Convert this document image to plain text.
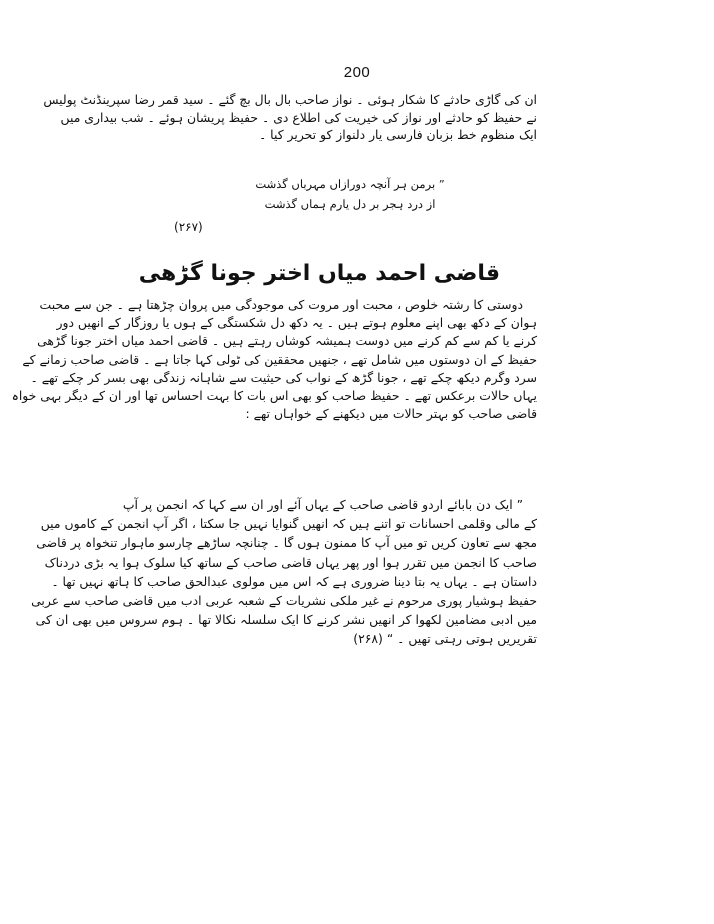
200
ان کی گاڑی حادثے کا شکار ہوئی ۔ نواز صاحب بال بال بچ گئے ۔ سید قمر رضا سپرینڈنٹ پولیس
نے حفیظ کو حادثے اور نواز کی خیریت کی اطلاع دی ۔ حفیظ پریشان ہوئے ۔ شب بیداری میں
ایک منظوم خط بزبان فارسی یار دلنواز کو تحریر کیا ۔
” برمن ہر آنچہ دورازاں مہرباں گذشت
از درد ہجر بر دل یارم ہماں گذشت
(۲۶۷)
قاضی احمد میاں اختر جونا گڑھی
دوستی کا رشتہ خلوص ، محبت اور مروت کی موجودگی میں پروان چڑھتا ہے ۔ جن سے محبت
ہوان کے دکھ بھی اپنے معلوم ہوتے ہیں ۔ یہ دکھ دل شکستگی کے ہوں یا روزگار کے انھیں دور
کرنے یا کم سے کم کرنے میں دوست ہمیشہ کوشاں رہتے ہیں ۔ قاضی احمد میاں اختر جونا گڑھی
حفیظ کے ان دوستوں میں شامل تھے ، جنھیں محققین کی ٹولی کہا جاتا ہے ۔ قاضی صاحب زمانے کے
سرد وگرم دیکھ چکے تھے ، جونا گڑھ کے نواب کی حیثیت سے شاہانہ زندگی بھی بسر کر چکے تھے ۔
یہاں حالات برعکس تھے ۔ حفیظ صاحب کو بھی اس بات کا بہت احساس تھا اور ان کے دیگر بہی خواہ
قاضی صاحب کو بہتر حالات میں دیکھنے کے خواہاں تھے :
” ایک دن بابائے اردو قاضی صاحب کے یہاں آئے اور ان سے کہا کہ انجمن پر آپ
کے مالی وقلمی احسانات تو اتنے ہیں کہ انھیں گنوایا نہیں جا سکتا ، اگر آپ انجمن کے کاموں میں
مجھ سے تعاون کریں تو میں آپ کا ممنون ہوں گا ۔ چنانچہ ساڑھے چارسو ماہوار تنخواہ پر قاضی
صاحب کا انجمن میں تقرر ہوا اور پھر یہاں قاضی صاحب کے ساتھ کیا سلوک ہوا یہ بڑی دردناک
داستان ہے ۔ یہاں یہ بتا دینا ضروری ہے کہ اس میں مولوی عبدالحق صاحب کا ہاتھ نہیں تھا ۔
حفیظ ہوشیار پوری مرحوم نے غیر ملکی نشریات کے شعبہ عربی ادب میں قاضی صاحب سے عربی
میں ادبی مضامین لکھوا کر انھیں نشر کرنے کا ایک سلسلہ نکالا تھا ۔ ہوم سروس میں بھی ان کی
تقریریں ہوتی رہتی تھیں ۔ “ (۲۶۸)
